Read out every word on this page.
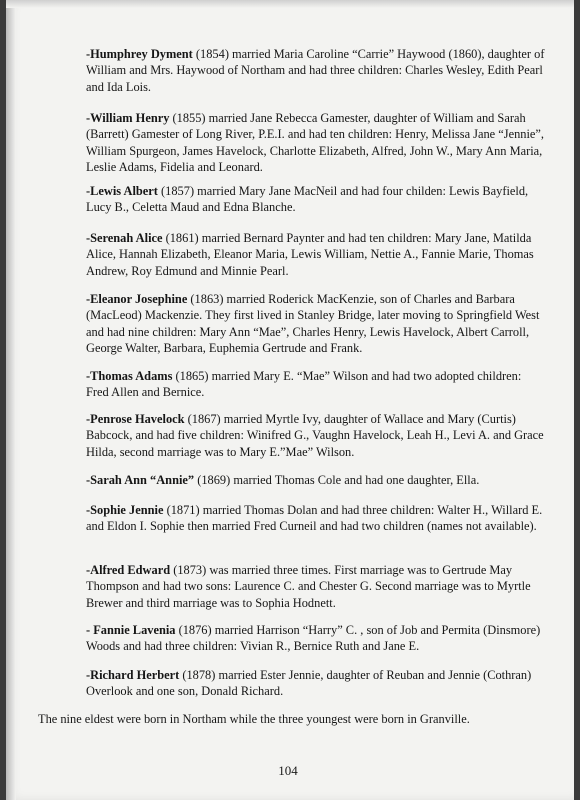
-Humphrey Dyment (1854) married Maria Caroline “Carrie” Haywood (1860), daughter of William and Mrs. Haywood of Northam and had three children: Charles Wesley, Edith Pearl and Ida Lois.
-William Henry (1855) married Jane Rebecca Gamester, daughter of William and Sarah (Barrett) Gamester of Long River, P.E.I. and had ten children: Henry, Melissa Jane “Jennie”, William Spurgeon, James Havelock, Charlotte Elizabeth, Alfred, John W., Mary Ann Maria, Leslie Adams, Fidelia and Leonard.
-Lewis Albert (1857) married Mary Jane MacNeil and had four childen: Lewis Bayfield, Lucy B., Celetta Maud and Edna Blanche.
-Serenah Alice (1861) married Bernard Paynter and had ten children: Mary Jane, Matilda Alice, Hannah Elizabeth, Eleanor Maria, Lewis William, Nettie A., Fannie Marie, Thomas Andrew, Roy Edmund and Minnie Pearl.
-Eleanor Josephine (1863) married Roderick MacKenzie, son of Charles and Barbara (MacLeod) Mackenzie. They first lived in Stanley Bridge, later moving to Springfield West and had nine children: Mary Ann “Mae”, Charles Henry, Lewis Havelock, Albert Carroll, George Walter, Barbara, Euphemia Gertrude and Frank.
-Thomas Adams (1865) married Mary E. “Mae” Wilson and had two adopted children: Fred Allen and Bernice.
-Penrose Havelock (1867) married Myrtle Ivy, daughter of Wallace and Mary (Curtis) Babcock, and had five children: Winifred G., Vaughn Havelock, Leah H., Levi A. and Grace Hilda, second marriage was to Mary E.”Mae” Wilson.
-Sarah Ann “Annie” (1869) married Thomas Cole and had one daughter, Ella.
-Sophie Jennie (1871) married Thomas Dolan and had three children: Walter H., Willard E. and Eldon I. Sophie then married Fred Curneil and had two children (names not available).
-Alfred Edward (1873) was married three times. First marriage was to Gertrude May Thompson and had two sons: Laurence C. and Chester G. Second marriage was to Myrtle Brewer and third marriage was to Sophia Hodnett.
- Fannie Lavenia (1876) married Harrison “Harry” C. , son of Job and Permita (Dinsmore) Woods and had three children: Vivian R., Bernice Ruth and Jane E.
-Richard Herbert (1878) married Ester Jennie, daughter of Reuban and Jennie (Cothran) Overlook and one son, Donald Richard.
The nine eldest were born in Northam while the three youngest were born in Granville.
104
